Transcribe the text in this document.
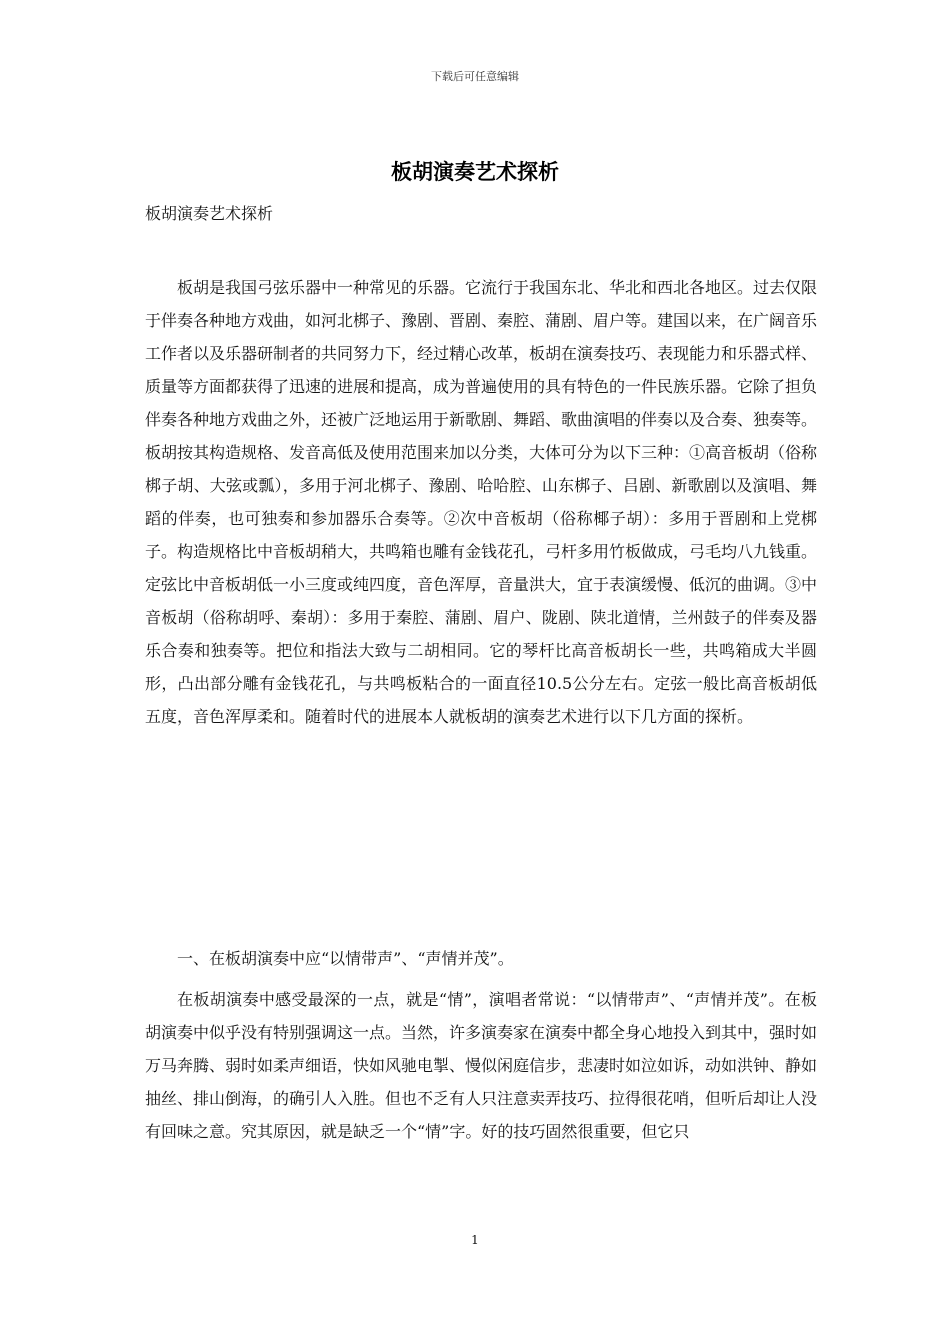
下载后可任意编辑
板胡演奏艺术探析
板胡演奏艺术探析

板胡是我国弓弦乐器中一种常见的乐器。它流行于我国东北、华北和西北各地区。过去仅限于伴奏各种地方戏曲，如河北梆子、豫剧、晋剧、秦腔、蒲剧、眉户等。建国以来，在广阔音乐工作者以及乐器研制者的共同努力下，经过精心改革，板胡在演奏技巧、表现能力和乐器式样、质量等方面都获得了迅速的进展和提高，成为普遍使用的具有特色的一件民族乐器。它除了担负伴奏各种地方戏曲之外，还被广泛地运用于新歌剧、舞蹈、歌曲演唱的伴奏以及合奏、独奏等。板胡按其构造规格、发音高低及使用范围来加以分类，大体可分为以下三种：①高音板胡（俗称梆子胡、大弦或瓢），多用于河北梆子、豫剧、哈哈腔、山东梆子、吕剧、新歌剧以及演唱、舞蹈的伴奏，也可独奏和参加器乐合奏等。②次中音板胡（俗称椰子胡）：多用于晋剧和上党梆子。构造规格比中音板胡稍大，共鸣箱也雕有金钱花孔，弓杆多用竹板做成，弓毛均八九钱重。定弦比中音板胡低一小三度或纯四度，音色浑厚，音量洪大，宜于表演缓慢、低沉的曲调。③中音板胡（俗称胡呼、秦胡）：多用于秦腔、蒲剧、眉户、陇剧、陕北道情，兰州鼓子的伴奏及器乐合奏和独奏等。把位和指法大致与二胡相同。它的琴杆比高音板胡长一些，共鸣箱成大半圆形，凸出部分雕有金钱花孔，与共鸣板粘合的一面直径10.5公分左右。定弦一般比高音板胡低五度，音色浑厚柔和。随着时代的进展本人就板胡的演奏艺术进行以下几方面的探析。

一、在板胡演奏中应“以情带声”、“声情并茂”。

在板胡演奏中感受最深的一点，就是“情”，演唱者常说：“以情带声”、“声情并茂”。在板胡演奏中似乎没有特别强调这一点。当然，许多演奏家在演奏中都全身心地投入到其中，强时如万马奔腾、弱时如柔声细语，快如风驰电掣、慢似闲庭信步，悲凄时如泣如诉，动如洪钟、静如抽丝、排山倒海，的确引人入胜。但也不乏有人只注意卖弄技巧、拉得很花哨，但听后却让人没有回味之意。究其原因，就是缺乏一个“情”字。好的技巧固然很重要，但它只

1
